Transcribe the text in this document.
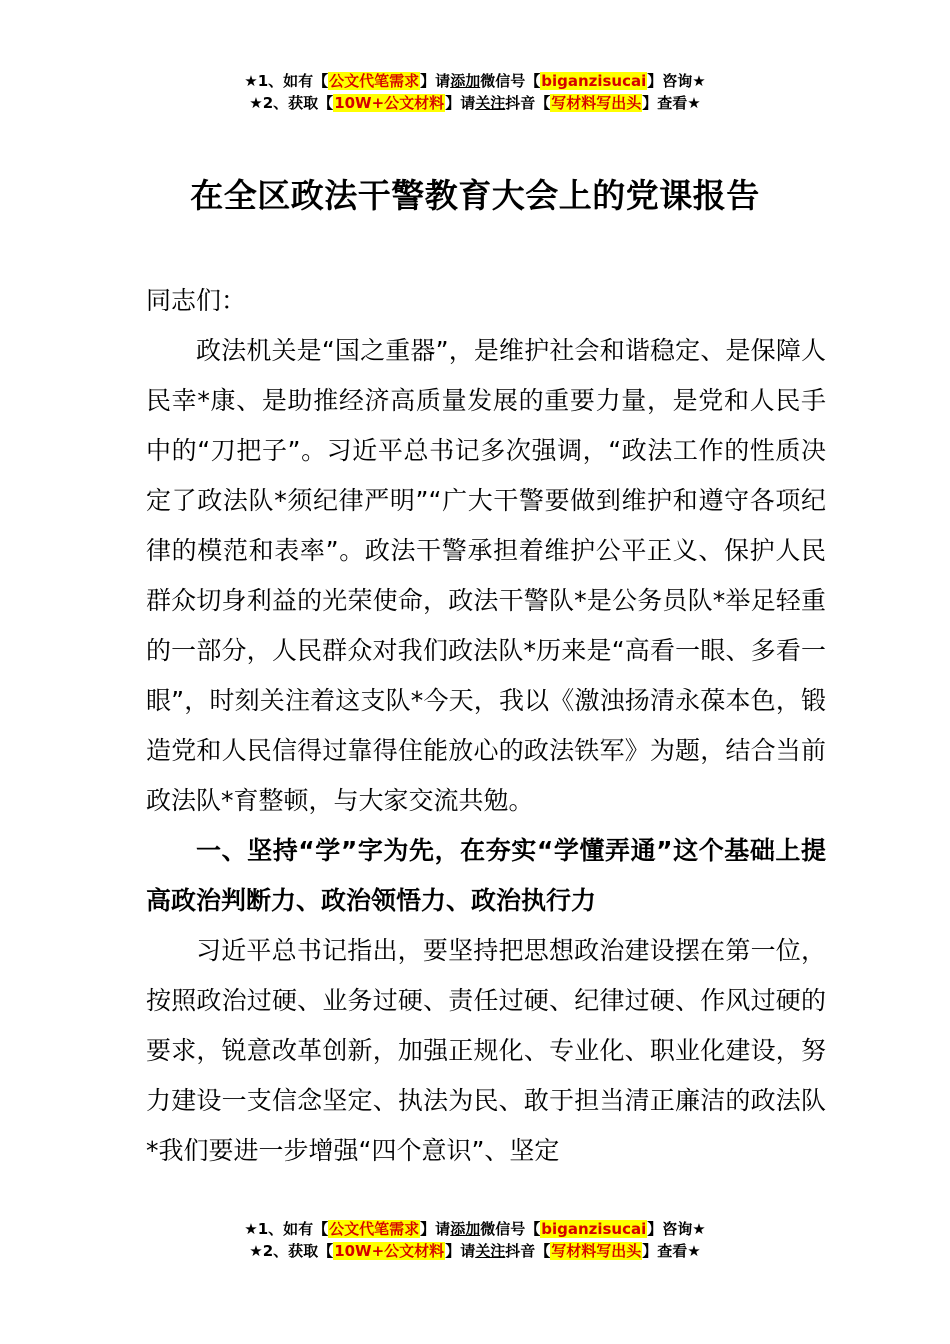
★1、如有【公文代笔需求】请添加微信号【biganzisucai】咨询★
★2、获取【10W+公文材料】请关注抖音【写材料写出头】查看★
在全区政法干警教育大会上的党课报告

同志们：

政法机关是“国之重器”，是维护社会和谐稳定、是保障人民幸*康、是助推经济高质量发展的重要力量，是党和人民手中的“刀把子”。习近平总书记多次强调，“政法工作的性质决定了政法队*须纪律严明”“广大干警要做到维护和遵守各项纪律的模范和表率”。政法干警承担着维护公平正义、保护人民群众切身利益的光荣使命，政法干警队*是公务员队*举足轻重的一部分，人民群众对我们政法队*历来是“高看一眼、多看一眼”，时刻关注着这支队*今天，我以《激浊扬清永葆本色，锻造党和人民信得过靠得住能放心的政法铁军》为题，结合当前政法队*育整顿，与大家交流共勉。

一、坚持“学”字为先，在夯实“学懂弄通”这个基础上提高政治判断力、政治领悟力、政治执行力

习近平总书记指出，要坚持把思想政治建设摆在第一位，按照政治过硬、业务过硬、责任过硬、纪律过硬、作风过硬的要求，锐意改革创新，加强正规化、专业化、职业化建设，努力建设一支信念坚定、执法为民、敢于担当清正廉洁的政法队*我们要进一步增强“四个意识”、坚定

★1、如有【公文代笔需求】请添加微信号【biganzisucai】咨询★
★2、获取【10W+公文材料】请关注抖音【写材料写出头】查看★
